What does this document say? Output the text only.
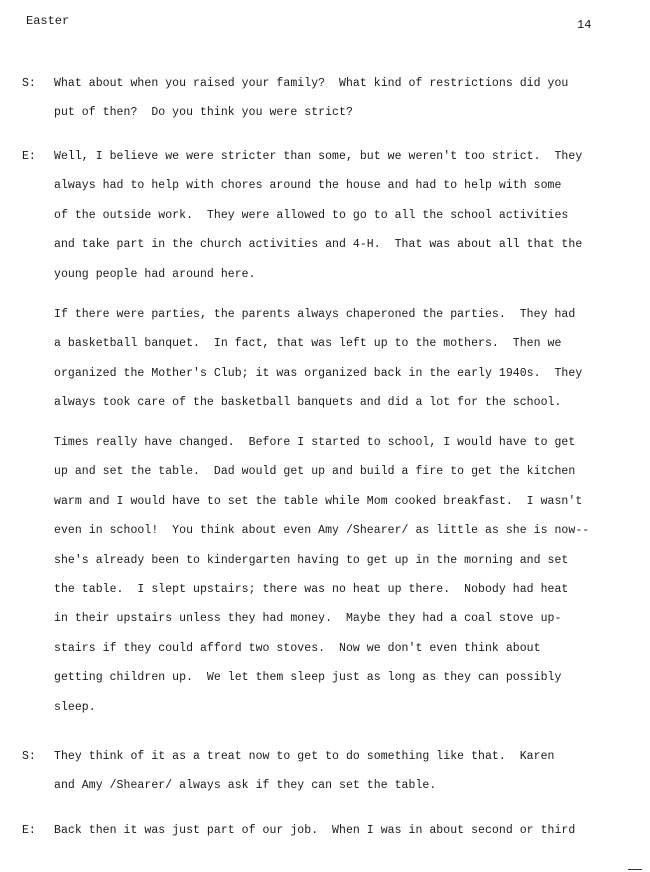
Easter	14
S: What about when you raised your family?  What kind of restrictions did you
put of then?  Do you think you were strict?
E: Well, I believe we were stricter than some, but we weren't too strict.  They
always had to help with chores around the house and had to help with some
of the outside work.  They were allowed to go to all the school activities
and take part in the church activities and 4-H.  That was about all that the
young people had around here.
If there were parties, the parents always chaperoned the parties.  They had
a basketball banquet.  In fact, that was left up to the mothers.  Then we
organized the Mother's Club; it was organized back in the early 1940s.  They
always took care of the basketball banquets and did a lot for the school.
Times really have changed.  Before I started to school, I would have to get
up and set the table.  Dad would get up and build a fire to get the kitchen
warm and I would have to set the table while Mom cooked breakfast.  I wasn't
even in school!  You think about even Amy /Shearer/ as little as she is now--
she's already been to kindergarten having to get up in the morning and set
the table.  I slept upstairs; there was no heat up there.  Nobody had heat
in their upstairs unless they had money.  Maybe they had a coal stove up-
stairs if they could afford two stoves.  Now we don't even think about
getting children up.  We let them sleep just as long as they can possibly
sleep.
S: They think of it as a treat now to get to do something like that.  Karen
and Amy /Shearer/ always ask if they can set the table.
E: Back then it was just part of our job.  When I was in about second or third
